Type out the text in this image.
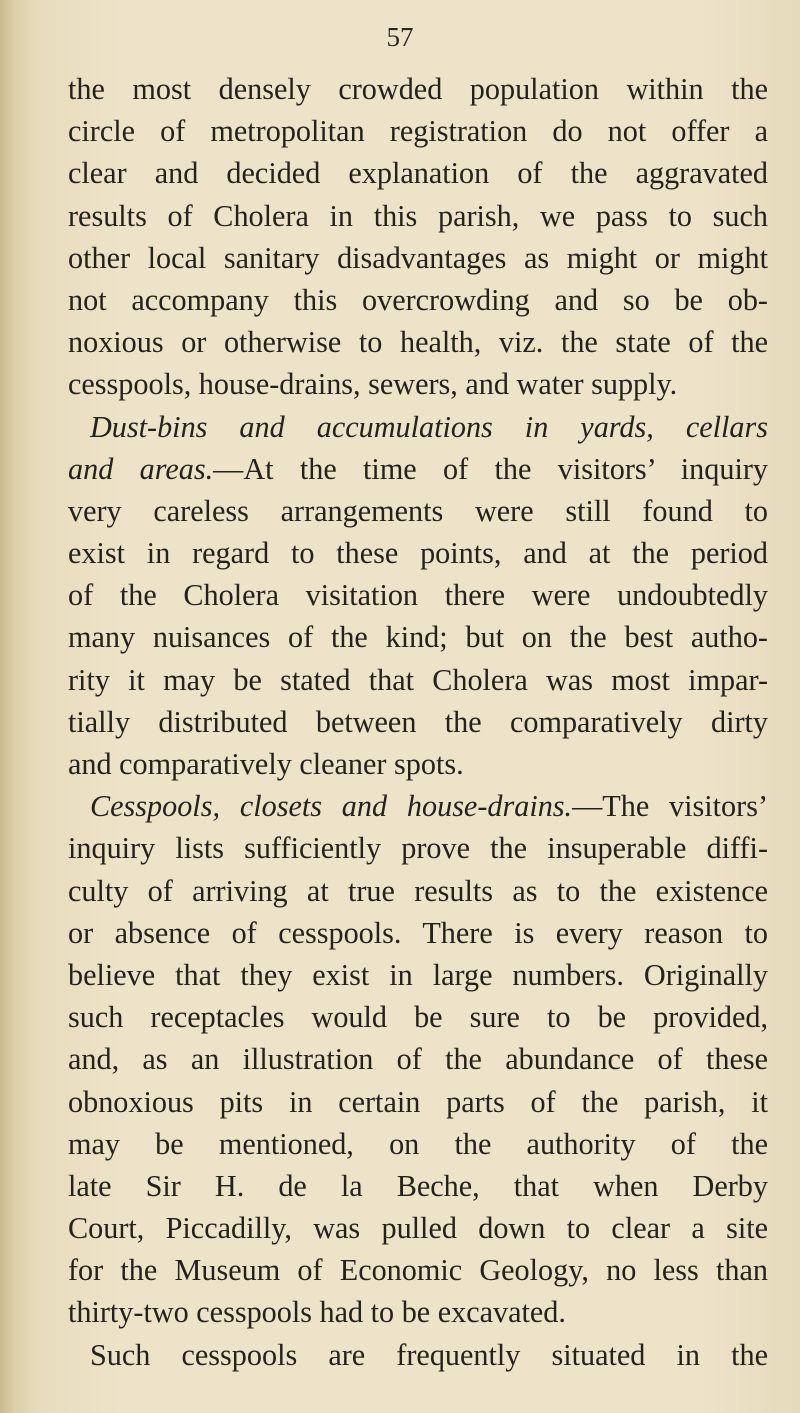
57
the most densely crowded population within the
circle of metropolitan registration do not offer a
clear and decided explanation of the aggravated
results of Cholera in this parish, we pass to such
other local sanitary disadvantages as might or might
not accompany this overcrowding and so be ob-
noxious or otherwise to health, viz. the state of the
cesspools, house-drains, sewers, and water supply.
Dust-bins and accumulations in yards, cellars
and areas.—At the time of the visitors’ inquiry
very careless arrangements were still found to
exist in regard to these points, and at the period
of the Cholera visitation there were undoubtedly
many nuisances of the kind; but on the best autho-
rity it may be stated that Cholera was most impar-
tially distributed between the comparatively dirty
and comparatively cleaner spots.
Cesspools, closets and house-drains.—The visitors’
inquiry lists sufficiently prove the insuperable diffi-
culty of arriving at true results as to the existence
or absence of cesspools. There is every reason to
believe that they exist in large numbers. Originally
such receptacles would be sure to be provided,
and, as an illustration of the abundance of these
obnoxious pits in certain parts of the parish, it
may be mentioned, on the authority of the
late Sir H. de la Beche, that when Derby
Court, Piccadilly, was pulled down to clear a site
for the Museum of Economic Geology, no less than
thirty-two cesspools had to be excavated.
Such cesspools are frequently situated in the
